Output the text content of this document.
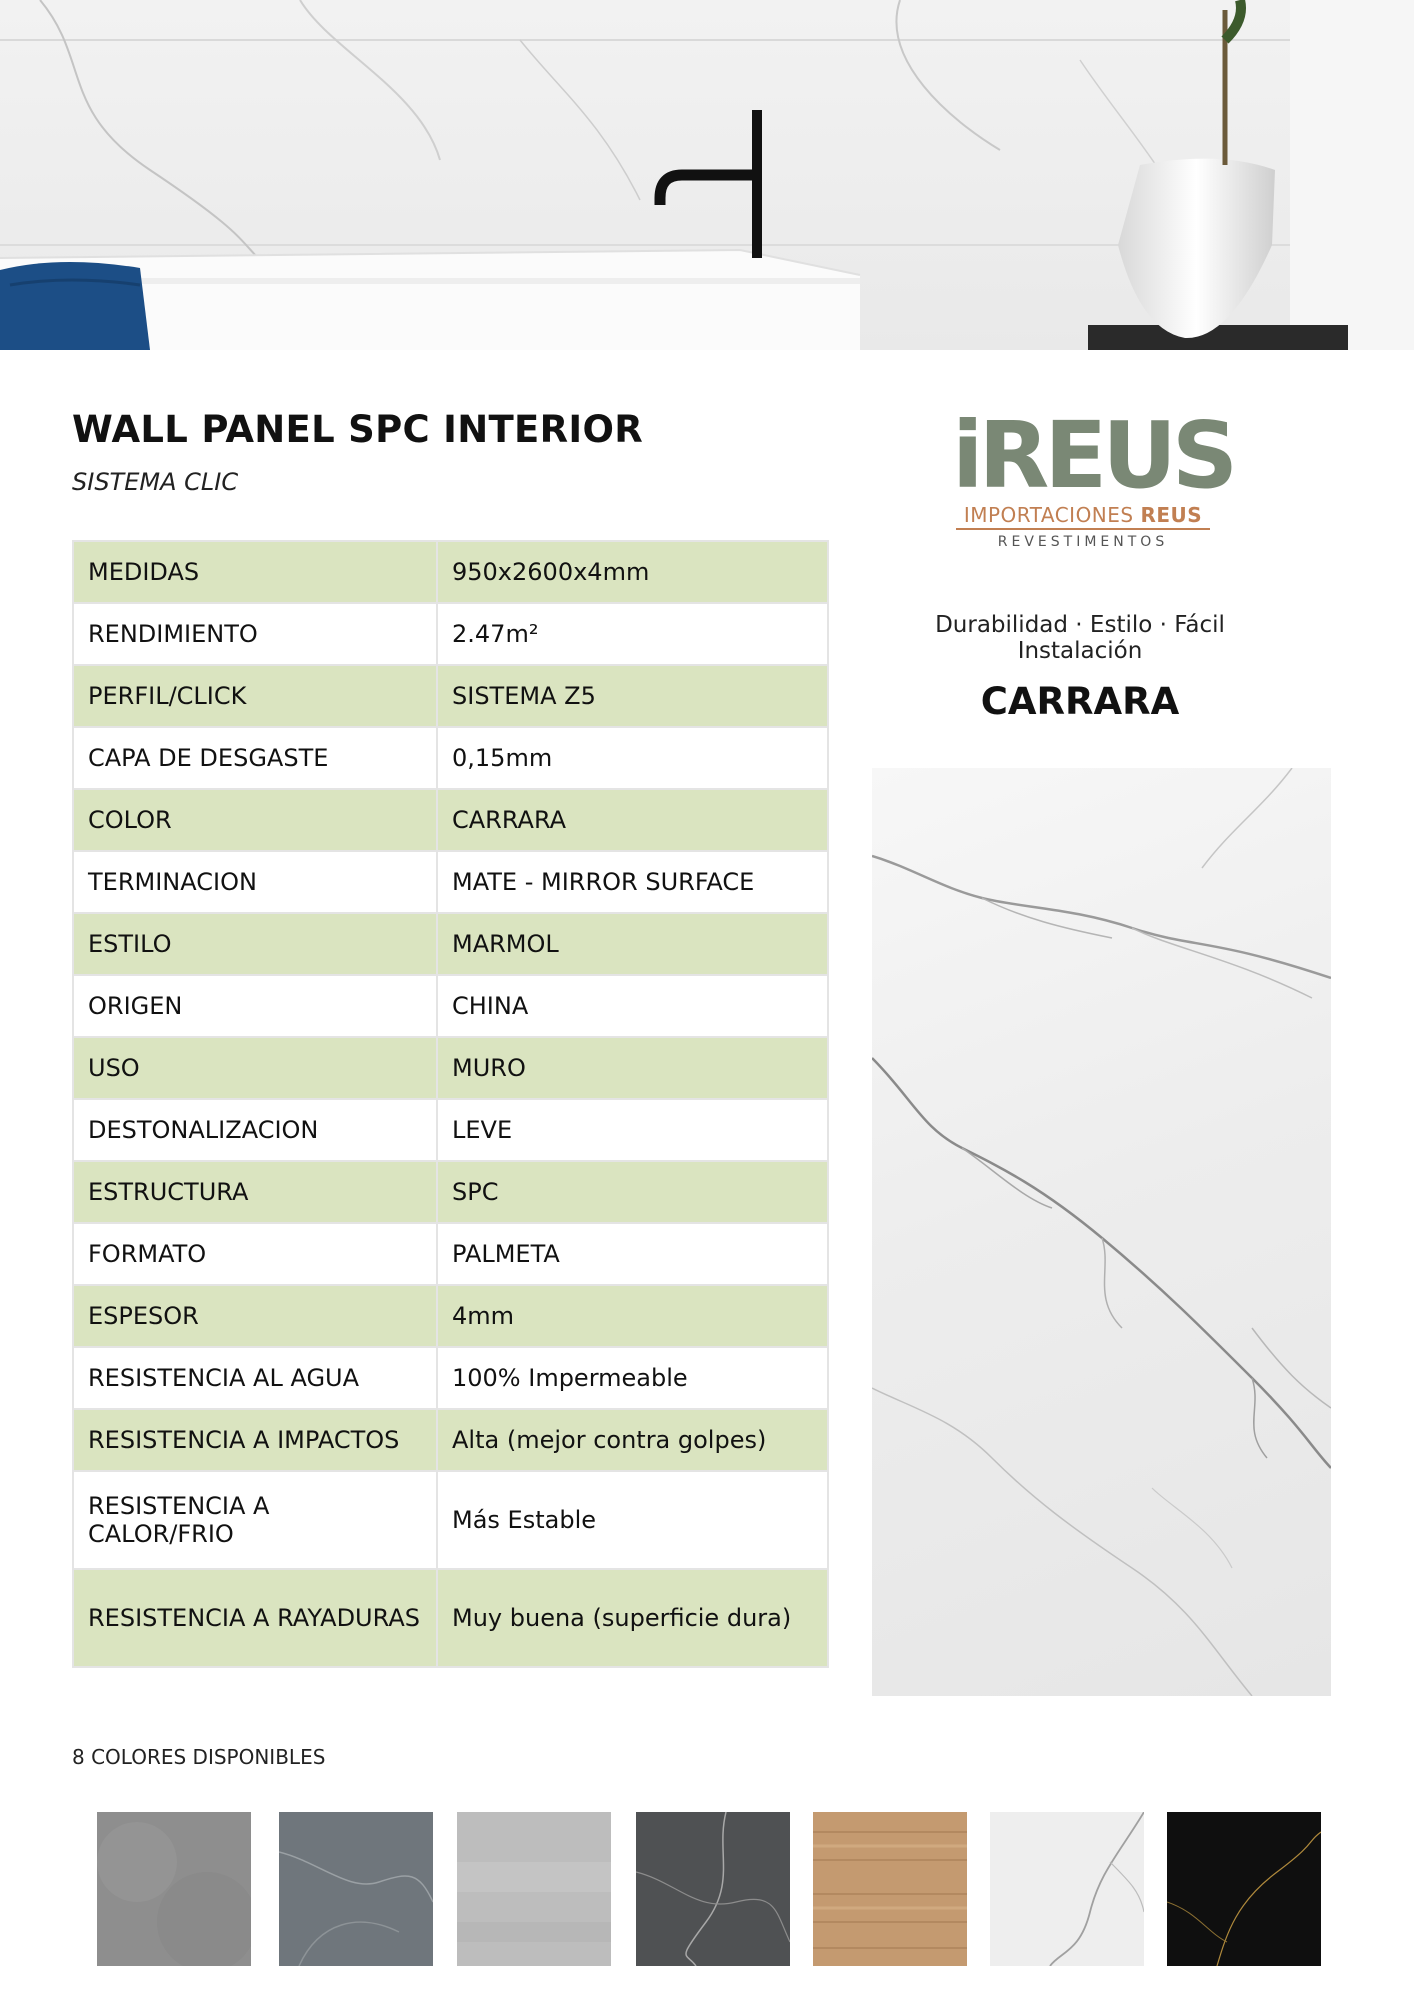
WALL PANEL SPC INTERIOR

SISTEMA CLIC

MEDIDAS	950x2600x4mm
RENDIMIENTO	2.47m²
PERFIL/CLICK	SISTEMA Z5
CAPA DE DESGASTE	0,15mm
COLOR	CARRARA
TERMINACION	MATE - MIRROR SURFACE
ESTILO	MARMOL
ORIGEN	CHINA
USO	MURO
DESTONALIZACION	LEVE
ESTRUCTURA	SPC
FORMATO	PALMETA
ESPESOR	4mm
RESISTENCIA AL AGUA	100% Impermeable
RESISTENCIA A IMPACTOS	Alta (mejor contra golpes)
RESISTENCIA A CALOR/FRIO	Más Estable
RESISTENCIA A RAYADURAS	Muy buena (superficie dura)
iREUS
IMPORTACIONES REUS
REVESTIMENTOS

Durabilidad · Estilo · Fácil Instalación

CARRARA

8 COLORES DISPONIBLES
